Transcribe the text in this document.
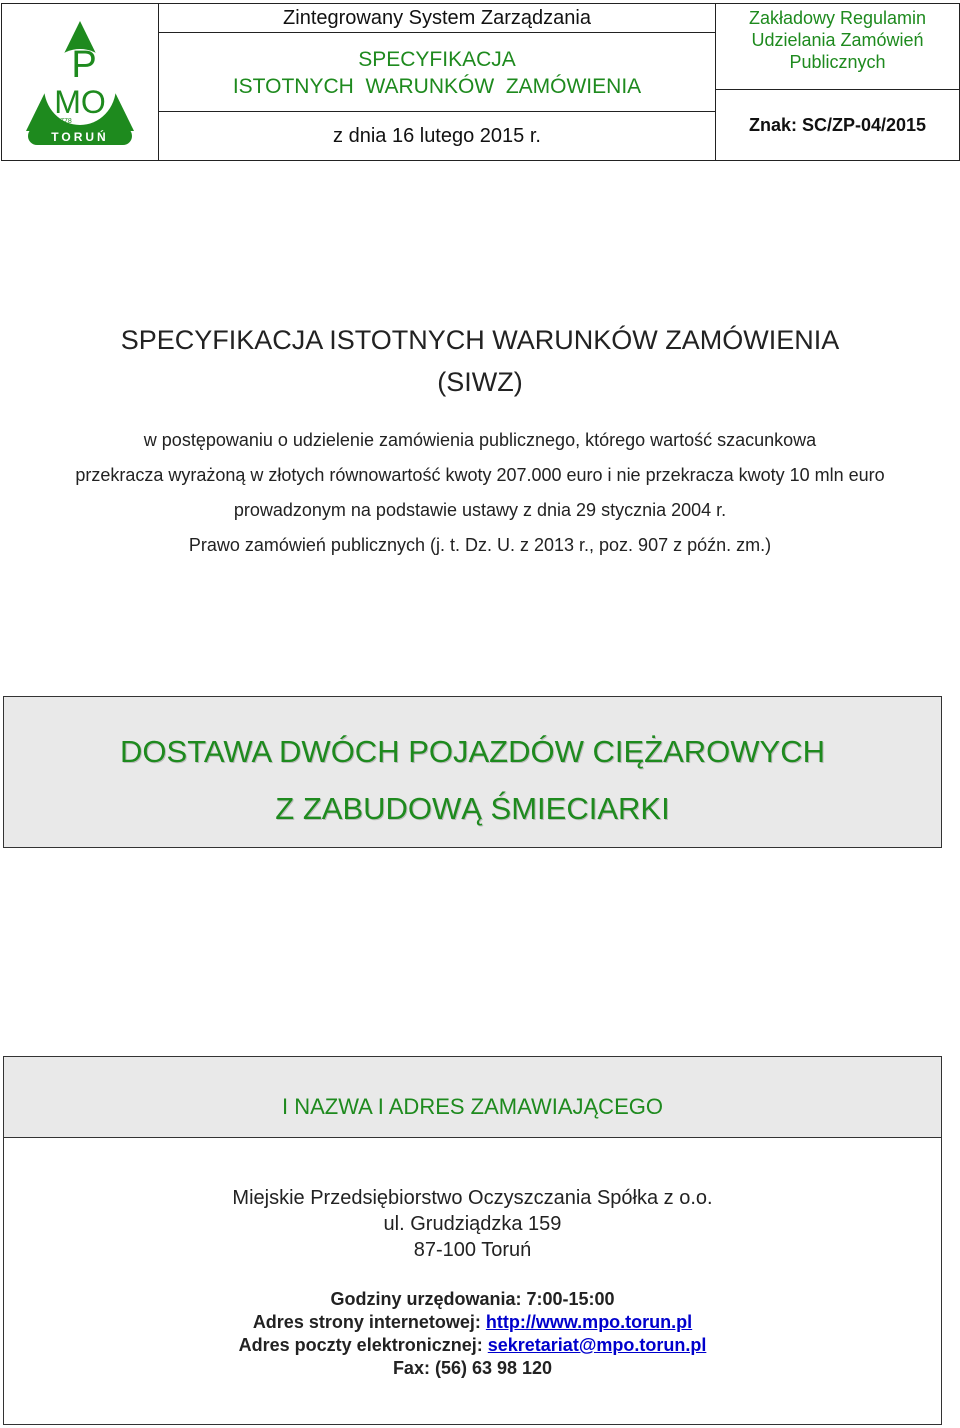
P
MO
1778
TORUŃ
Zintegrowany System Zarządzania
SPECYFIKACJA
ISTOTNYCH  WARUNKÓW  ZAMÓWIENIA
z dnia 16 lutego 2015 r.
Zakładowy Regulamin
Udzielania Zamówień
Publicznych
Znak: SC/ZP-04/2015
SPECYFIKACJA ISTOTNYCH WARUNKÓW ZAMÓWIENIA
(SIWZ)
w postępowaniu o udzielenie zamówienia publicznego, którego wartość szacunkowa
przekracza wyrażoną w złotych równowartość kwoty 207.000 euro i nie przekracza kwoty 10 mln euro
prowadzonym na podstawie ustawy z dnia 29 stycznia 2004 r.
Prawo zamówień publicznych (j. t. Dz. U. z 2013 r., poz. 907 z późn. zm.)
DOSTAWA DWÓCH POJAZDÓW CIĘŻAROWYCH
Z ZABUDOWĄ ŚMIECIARKI
I NAZWA I ADRES ZAMAWIAJĄCEGO
Miejskie Przedsiębiorstwo Oczyszczania Spółka z o.o.
ul. Grudziądzka 159
87-100 Toruń
Godziny urzędowania: 7:00-15:00
Adres strony internetowej: http://www.mpo.torun.pl
Adres poczty elektronicznej: sekretariat@mpo.torun.pl
Fax: (56) 63 98 120
